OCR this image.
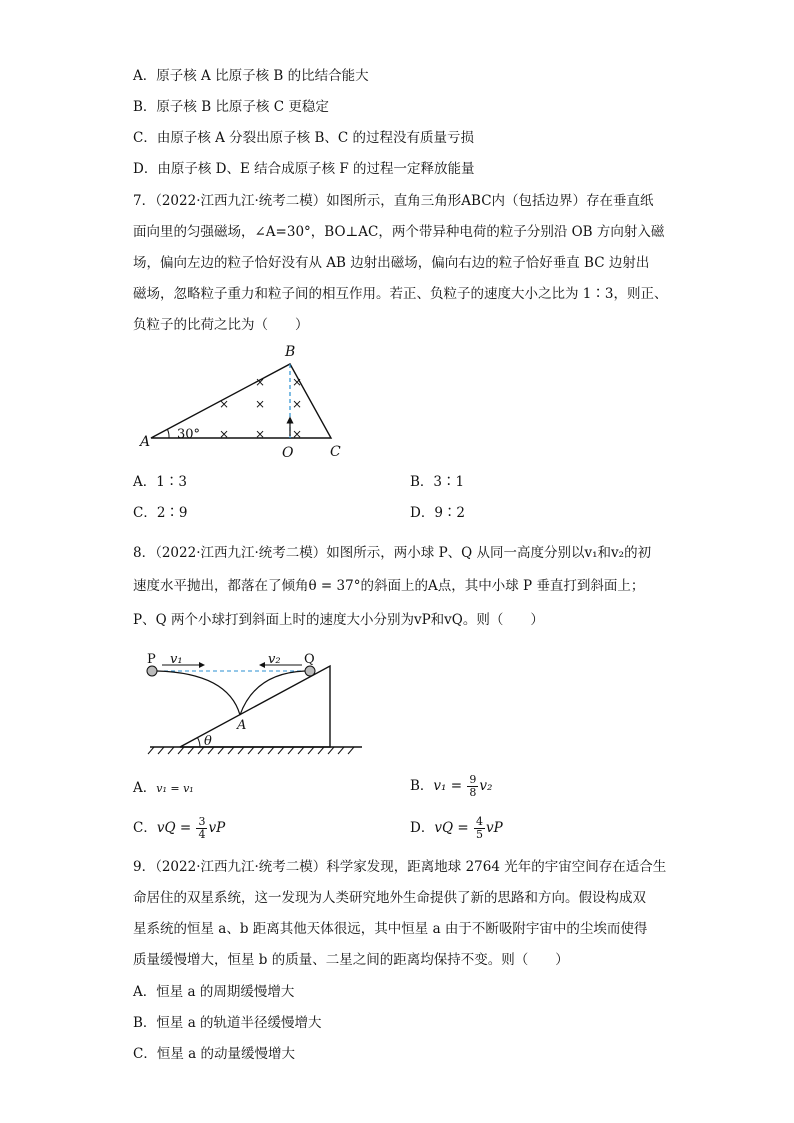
A．原子核 A 比原子核 B 的比结合能大
B．原子核 B 比原子核 C 更稳定
C．由原子核 A 分裂出原子核 B、C 的过程没有质量亏损
D．由原子核 D、E 结合成原子核 F 的过程一定释放能量
7．（2022·江西九江·统考二模）如图所示，直角三角形ABC内（包括边界）存在垂直纸
面向里的匀强磁场，∠A=30°，BO⊥AC，两个带异种电荷的粒子分别沿 OB 方向射入磁
场，偏向左边的粒子恰好没有从 AB 边射出磁场，偏向右边的粒子恰好垂直 BC 边射出
磁场，忽略粒子重力和粒子间的相互作用。若正、负粒子的速度大小之比为 1∶3，则正、
负粒子的比荷之比为（　　）
×
× ×
× ×
×
×
×
A
B
C
O
30°
A．1∶3	B．3∶1
C．2∶9	D．9∶2
8．（2022·江西九江·统考二模）如图所示，两小球 P、Q 从同一高度分别以v₁和v₂的初
速度水平抛出，都落在了倾角θ = 37°的斜面上的A点，其中小球 P 垂直打到斜面上；
P、Q 两个小球打到斜面上时的速度大小分别为vP和vQ。则（　　）
P	Q
v₁	v₂
A
θ
A．v₁ = v₁	B．$v_1 = \frac{9}{8} v_2$
C．vQ = $\frac{3}{4}$ vP	D．vQ = $\frac{4}{5}$ vP
9．（2022·江西九江·统考二模）科学家发现，距离地球 2764 光年的宇宙空间存在适合生
命居住的双星系统，这一发现为人类研究地外生命提供了新的思路和方向。假设构成双
星系统的恒星 a、b 距离其他天体很远，其中恒星 a 由于不断吸附宇宙中的尘埃而使得
质量缓慢增大，恒星 b 的质量、二星之间的距离均保持不变。则（　　）
A．恒星 a 的周期缓慢增大
B．恒星 a 的轨道半径缓慢增大
C．恒星 a 的动量缓慢增大
